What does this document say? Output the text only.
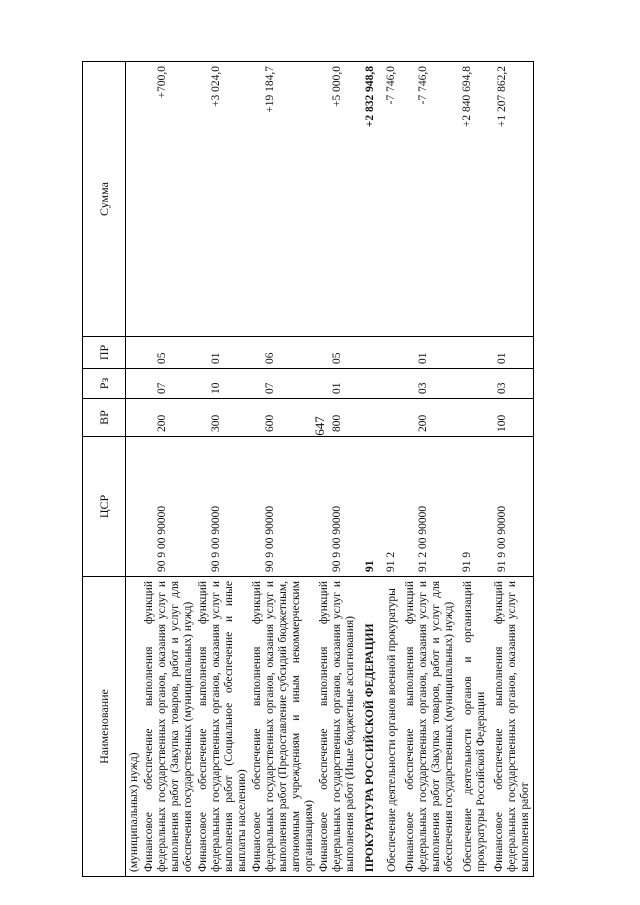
647
Наименование	ЦСР	ВР	Рз	ПР	Сумма
(муниципальных) нужд)					
Финансовое обеспечение выполнения функций федеральных государственных органов, оказания услуг и выполнения работ (Закупка товаров, работ и услуг для обеспечения государственных (муниципальных) нужд)	90 9 00 90000	200	07	05	+700,0
Финансовое обеспечение выполнения функций федеральных государственных органов, оказания услуг и выполнения работ (Социальное обеспечение и иные выплаты населению)	90 9 00 90000	300	10	01	+3 024,0
Финансовое обеспечение выполнения функций федеральных государственных органов, оказания услуг и выполнения работ (Предоставление субсидий бюджетным, автономным учреждениям и иным некоммерческим организациям)	90 9 00 90000	600	07	06	+19 184,7
Финансовое обеспечение выполнения функций федеральных государственных органов, оказания услуг и выполнения работ (Иные бюджетные ассигнования)	90 9 00 90000	800	01	05	+5 000,0
ПРОКУРАТУРА РОССИЙСКОЙ ФЕДЕРАЦИИ	91				+2 832 948,8
Обеспечение деятельности органов военной прокуратуры	91 2				-7 746,0
Финансовое обеспечение выполнения функций федеральных государственных органов, оказания услуг и выполнения работ (Закупка товаров, работ и услуг для обеспечения государственных (муниципальных) нужд)	91 2 00 90000	200	03	01	-7 746,0
Обеспечение деятельности органов и организаций прокуратуры Российской Федерации	91 9				+2 840 694,8
Финансовое обеспечение выполнения функций федеральных государственных органов, оказания услуг и выполнения работ	91 9 00 90000	100	03	01	+1 207 862,2
